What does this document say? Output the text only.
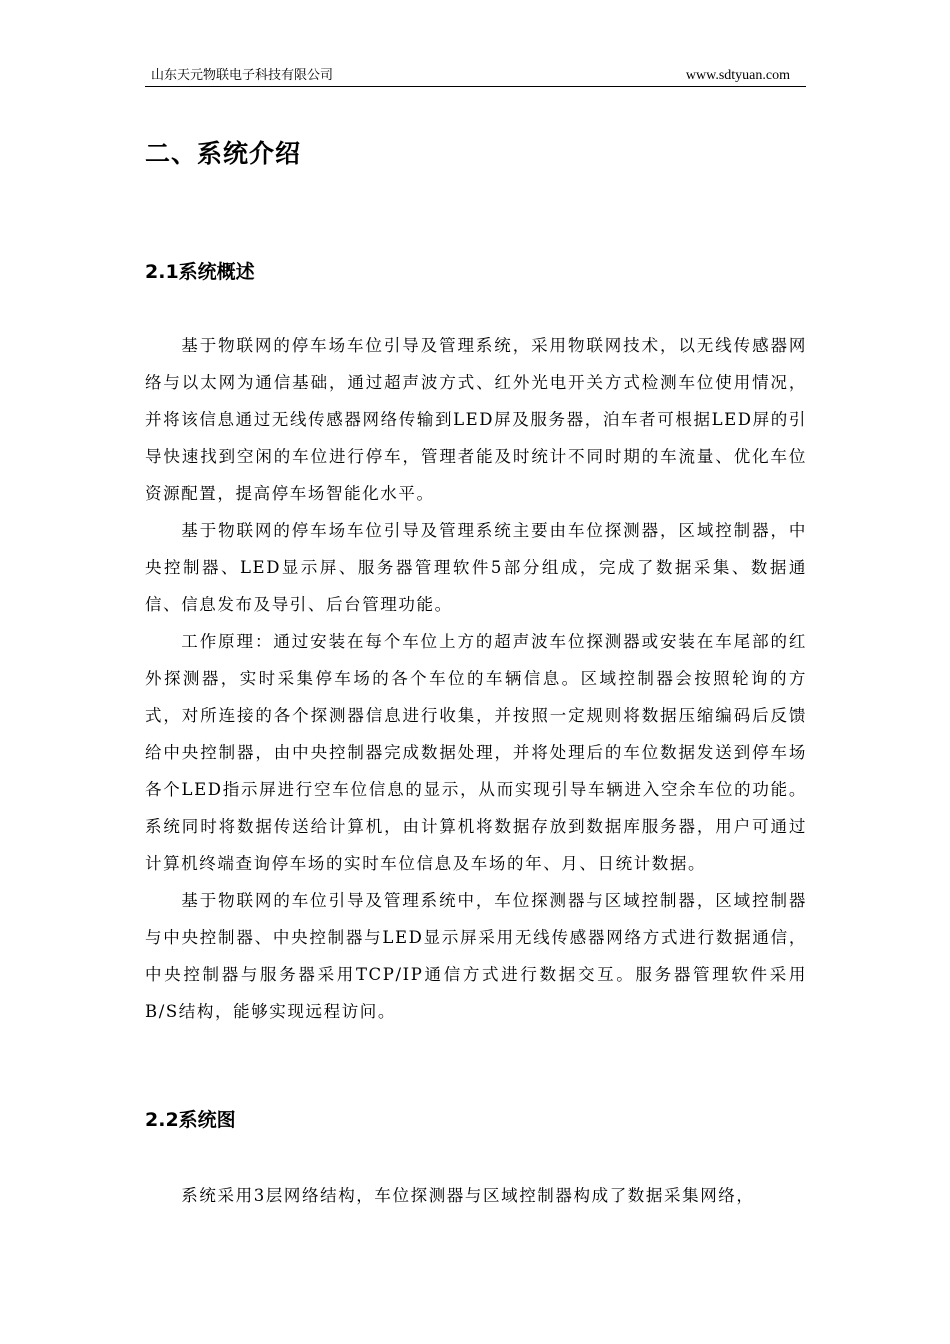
山东天元物联电子科技有限公司	www.sdtyuan.com
二、系统介绍
2.1系统概述

基于物联网的停车场车位引导及管理系统，采用物联网技术，以无线传感器网络与以太网为通信基础，通过超声波方式、红外光电开关方式检测车位使用情况，并将该信息通过无线传感器网络传输到LED屏及服务器，泊车者可根据LED屏的引导快速找到空闲的车位进行停车，管理者能及时统计不同时期的车流量、优化车位资源配置，提高停车场智能化水平。

基于物联网的停车场车位引导及管理系统主要由车位探测器，区域控制器，中央控制器、LED显示屏、服务器管理软件5部分组成，完成了数据采集、数据通信、信息发布及导引、后台管理功能。

工作原理：通过安装在每个车位上方的超声波车位探测器或安装在车尾部的红外探测器，实时采集停车场的各个车位的车辆信息。区域控制器会按照轮询的方式，对所连接的各个探测器信息进行收集，并按照一定规则将数据压缩编码后反馈给中央控制器，由中央控制器完成数据处理，并将处理后的车位数据发送到停车场各个LED指示屏进行空车位信息的显示，从而实现引导车辆进入空余车位的功能。系统同时将数据传送给计算机，由计算机将数据存放到数据库服务器，用户可通过计算机终端查询停车场的实时车位信息及车场的年、月、日统计数据。

基于物联网的车位引导及管理系统中，车位探测器与区域控制器，区域控制器与中央控制器、中央控制器与LED显示屏采用无线传感器网络方式进行数据通信，中央控制器与服务器采用TCP/IP通信方式进行数据交互。服务器管理软件采用B/S结构，能够实现远程访问。

2.2系统图

系统采用3层网络结构，车位探测器与区域控制器构成了数据采集网络，
